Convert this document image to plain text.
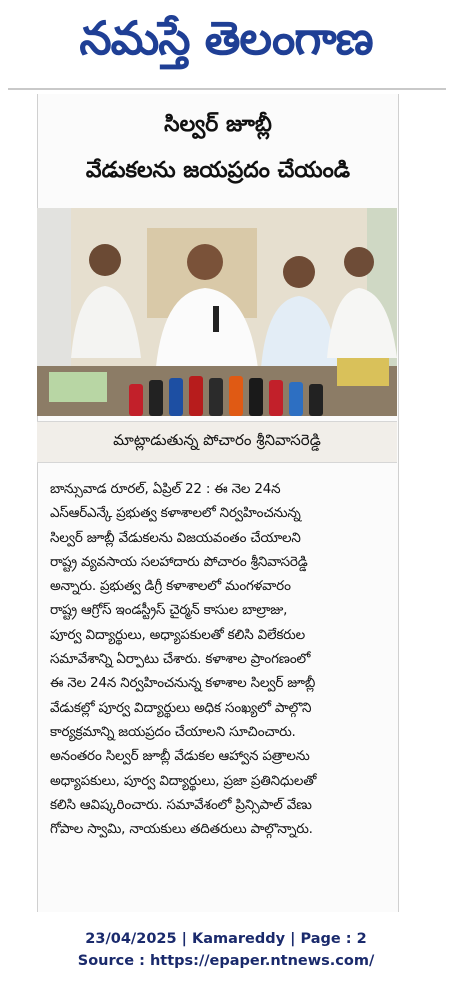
నమస్తే తెలంగాణ
సిల్వర్ జూబ్లీ
వేడుకలను జయప్రదం చేయండి
మాట్లాడుతున్న పోచారం శ్రీనివాసరెడ్డి
బాన్సువాడ రూరల్, ఏప్రిల్ 22 : ఈ నెల 24న
ఎస్ఆర్ఎన్కే ప్రభుత్వ కళాశాలలో నిర్వహించనున్న
సిల్వర్ జూబ్లీ వేడుకలను విజయవంతం చేయాలని
రాష్ట్ర వ్యవసాయ సలహాదారు పోచారం శ్రీనివాసరెడ్డి
అన్నారు. ప్రభుత్వ డిగ్రీ కళాశాలలో మంగళవారం
రాష్ట్ర ఆగ్రోస్ ఇండస్ట్రీస్ చైర్మన్ కాసుల బాల్రాజు,
పూర్వ విద్యార్థులు, అధ్యాపకులతో కలిసి విలేకరుల
సమావేశాన్ని ఏర్పాటు చేశారు. కళాశాల ప్రాంగణంలో
ఈ నెల 24న నిర్వహించనున్న కళాశాల సిల్వర్ జూబ్లీ
వేడుకల్లో పూర్వ విద్యార్థులు అధిక సంఖ్యలో పాల్గొని
కార్యక్రమాన్ని జయప్రదం చేయాలని సూచించారు.
అనంతరం సిల్వర్ జూబ్లీ వేడుకల ఆహ్వాన పత్రాలను
అధ్యాపకులు, పూర్వ విద్యార్థులు, ప్రజా ప్రతినిధులతో
కలిసి ఆవిష్కరించారు. సమావేశంలో ప్రిన్సిపాల్ వేణు
గోపాల స్వామి, నాయకులు తదితరులు పాల్గొన్నారు.
23/04/2025 | Kamareddy | Page : 2
Source : https://epaper.ntnews.com/
